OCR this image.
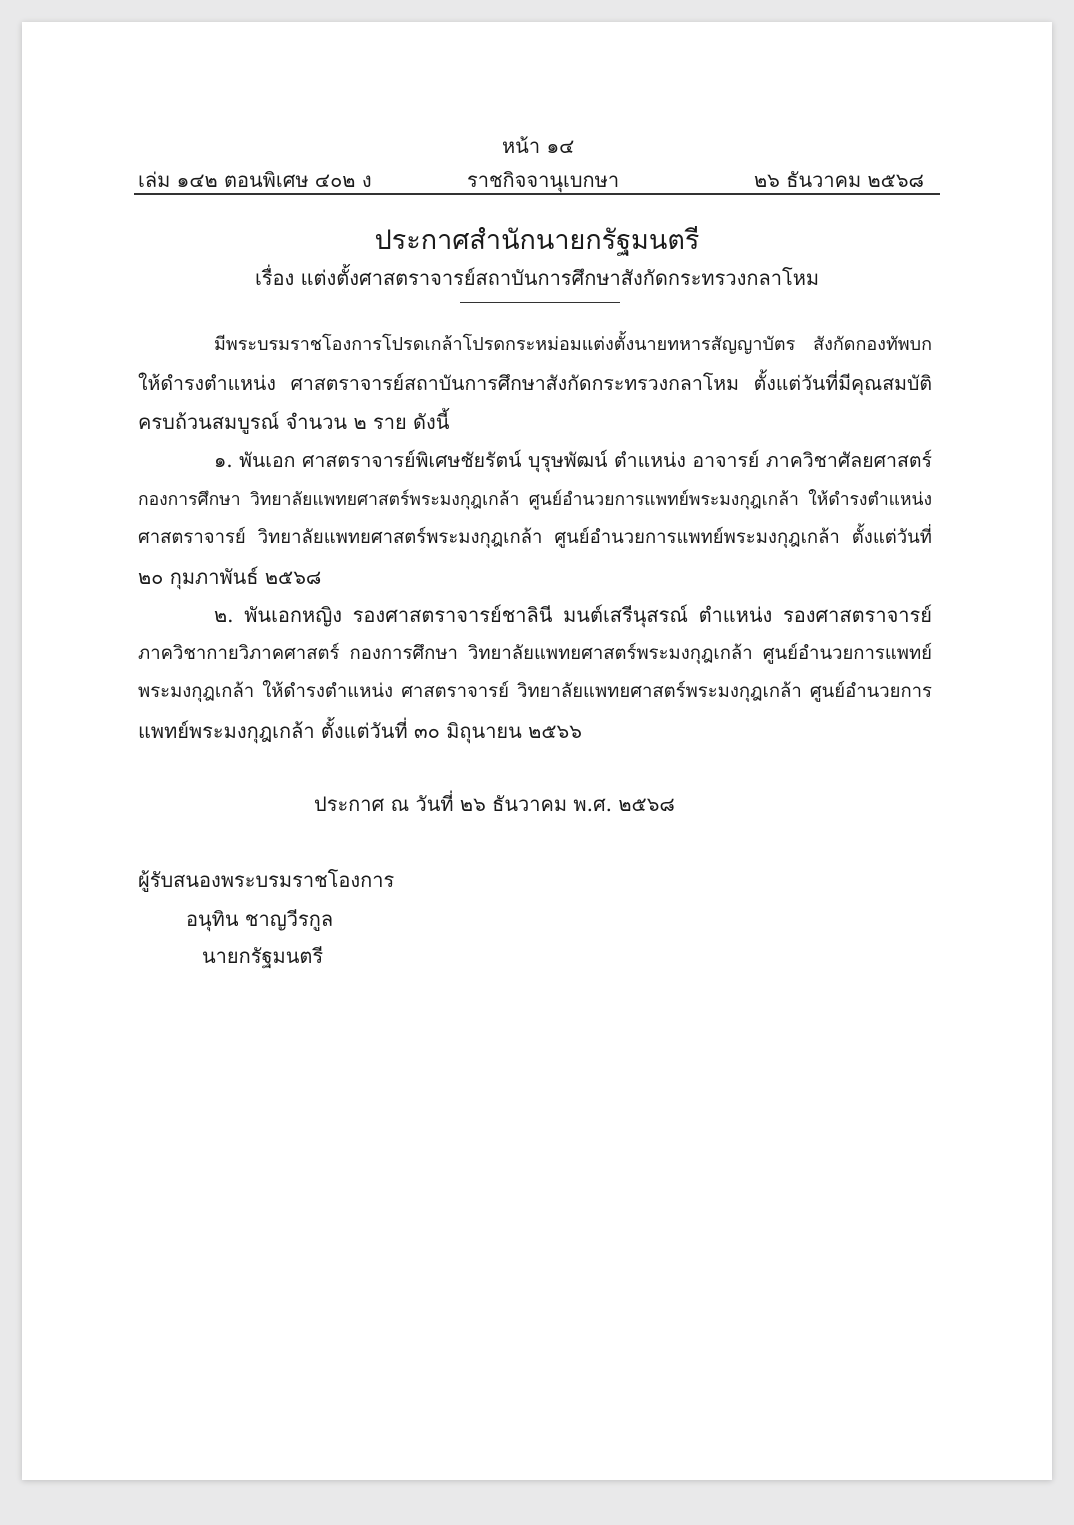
หน้า ๑๔
เล่ม ๑๔๒ ตอนพิเศษ ๔๐๒ ง	ราชกิจจานุเบกษา	๒๖ ธันวาคม ๒๕๖๘
ประกาศสำนักนายกรัฐมนตรี
เรื่อง แต่งตั้งศาสตราจารย์สถาบันการศึกษาสังกัดกระทรวงกลาโหม
มีพระบรมราชโองการโปรดเกล้าโปรดกระหม่อมแต่งตั้งนายทหารสัญญาบัตร สังกัดกองทัพบก
ให้ดำรงตำแหน่ง ศาสตราจารย์สถาบันการศึกษาสังกัดกระทรวงกลาโหม ตั้งแต่วันที่มีคุณสมบัติ
ครบถ้วนสมบูรณ์ จำนวน ๒ ราย ดังนี้
๑. พันเอก ศาสตราจารย์พิเศษชัยรัตน์ บุรุษพัฒน์ ตำแหน่ง อาจารย์ ภาควิชาศัลยศาสตร์
กองการศึกษา วิทยาลัยแพทยศาสตร์พระมงกุฎเกล้า ศูนย์อำนวยการแพทย์พระมงกุฎเกล้า ให้ดำรงตำแหน่ง
ศาสตราจารย์ วิทยาลัยแพทยศาสตร์พระมงกุฎเกล้า ศูนย์อำนวยการแพทย์พระมงกุฎเกล้า ตั้งแต่วันที่
๒๐ กุมภาพันธ์ ๒๕๖๘
๒. พันเอกหญิง รองศาสตราจารย์ชาลินี มนต์เสรีนุสรณ์ ตำแหน่ง รองศาสตราจารย์
ภาควิชากายวิภาคศาสตร์ กองการศึกษา วิทยาลัยแพทยศาสตร์พระมงกุฎเกล้า ศูนย์อำนวยการแพทย์
พระมงกุฎเกล้า ให้ดำรงตำแหน่ง ศาสตราจารย์ วิทยาลัยแพทยศาสตร์พระมงกุฎเกล้า ศูนย์อำนวยการ
แพทย์พระมงกุฎเกล้า ตั้งแต่วันที่ ๓๐ มิถุนายน ๒๕๖๖
ประกาศ ณ วันที่ ๒๖ ธันวาคม พ.ศ. ๒๕๖๘
ผู้รับสนองพระบรมราชโองการ
อนุทิน ชาญวีรกูล
นายกรัฐมนตรี
